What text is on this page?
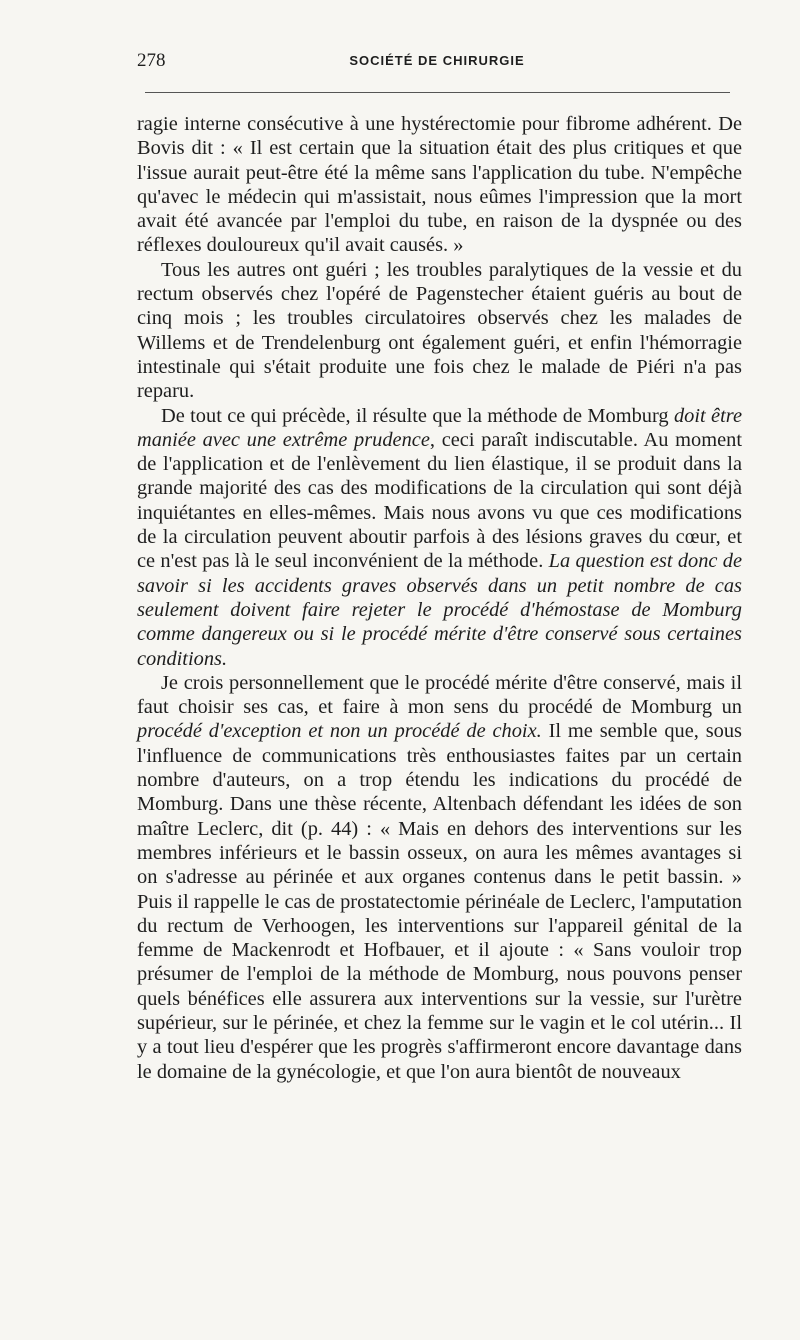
278	SOCIÉTÉ DE CHIRURGIE

ragie interne consécutive à une hystérectomie pour fibrome adhérent. De Bovis dit : « Il est certain que la situation était des plus critiques et que l'issue aurait peut-être été la même sans l'application du tube. N'empêche qu'avec le médecin qui m'assistait, nous eûmes l'impression que la mort avait été avancée par l'emploi du tube, en raison de la dyspnée ou des réflexes douloureux qu'il avait causés. »

Tous les autres ont guéri ; les troubles paralytiques de la vessie et du rectum observés chez l'opéré de Pagenstecher étaient guéris au bout de cinq mois ; les troubles circulatoires observés chez les malades de Willems et de Trendelenburg ont également guéri, et enfin l'hémorragie intestinale qui s'était produite une fois chez le malade de Piéri n'a pas reparu.

De tout ce qui précède, il résulte que la méthode de Momburg doit être maniée avec une extrême prudence, ceci paraît indiscutable. Au moment de l'application et de l'enlèvement du lien élastique, il se produit dans la grande majorité des cas des modifications de la circulation qui sont déjà inquiétantes en elles-mêmes. Mais nous avons vu que ces modifications de la circulation peuvent aboutir parfois à des lésions graves du cœur, et ce n'est pas là le seul inconvénient de la méthode. La question est donc de savoir si les accidents graves observés dans un petit nombre de cas seulement doivent faire rejeter le procédé d'hémostase de Momburg comme dangereux ou si le procédé mérite d'être conservé sous certaines conditions.

Je crois personnellement que le procédé mérite d'être conservé, mais il faut choisir ses cas, et faire à mon sens du procédé de Momburg un procédé d'exception et non un procédé de choix. Il me semble que, sous l'influence de communications très enthousiastes faites par un certain nombre d'auteurs, on a trop étendu les indications du procédé de Momburg. Dans une thèse récente, Altenbach défendant les idées de son maître Leclerc, dit (p. 44) : « Mais en dehors des interventions sur les membres inférieurs et le bassin osseux, on aura les mêmes avantages si on s'adresse au périnée et aux organes contenus dans le petit bassin. » Puis il rappelle le cas de prostatectomie périnéale de Leclerc, l'amputation du rectum de Verhoogen, les interventions sur l'appareil génital de la femme de Mackenrodt et Hofbauer, et il ajoute : « Sans vouloir trop présumer de l'emploi de la méthode de Momburg, nous pouvons penser quels bénéfices elle assurera aux interventions sur la vessie, sur l'urètre supérieur, sur le périnée, et chez la femme sur le vagin et le col utérin... Il y a tout lieu d'espérer que les progrès s'affirmeront encore davantage dans le domaine de la gynécologie, et que l'on aura bientôt de nouveaux
